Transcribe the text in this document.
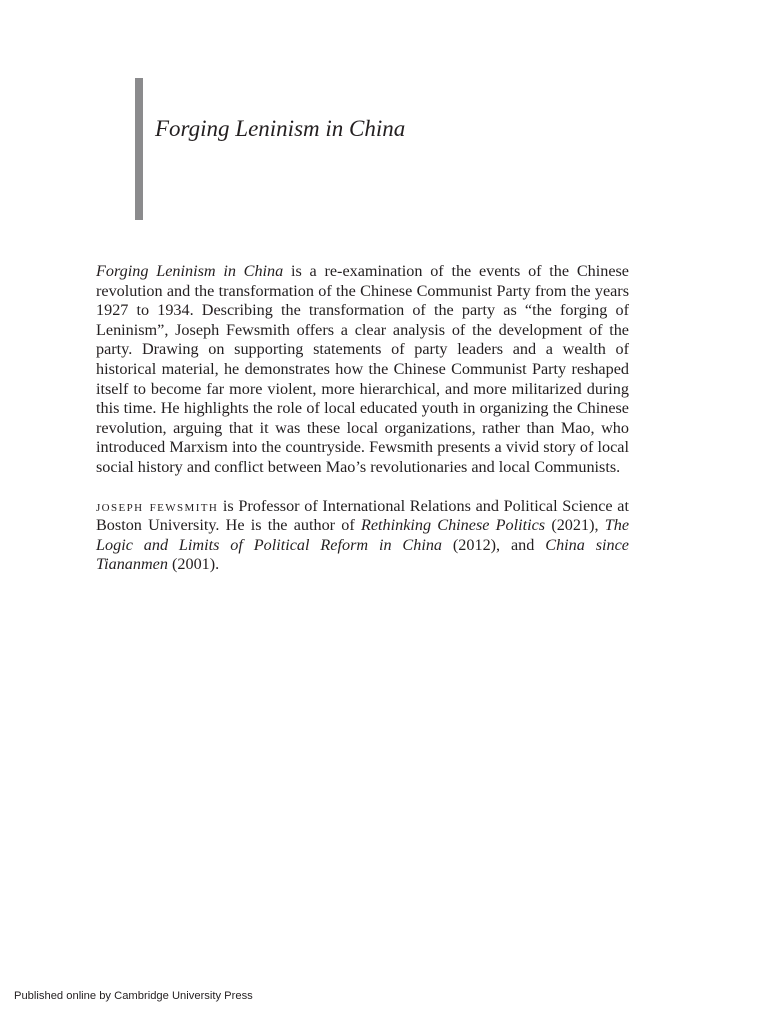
Forging Leninism in China

Forging Leninism in China is a re-examination of the events of the Chinese revolution and the transformation of the Chinese Communist Party from the years 1927 to 1934. Describing the transformation of the party as “the forging of Leninism”, Joseph Fewsmith offers a clear analysis of the development of the party. Drawing on supporting statements of party leaders and a wealth of historical material, he demonstrates how the Chinese Communist Party reshaped itself to become far more violent, more hierarchical, and more militarized during this time. He highlights the role of local educated youth in organizing the Chinese revolution, arguing that it was these local organizations, rather than Mao, who introduced Marxism into the countryside. Fewsmith presents a vivid story of local social history and conflict between Mao’s revolutionaries and local Communists.

joseph fewsmith is Professor of International Relations and Political Science at Boston University. He is the author of Rethinking Chinese Politics (2021), The Logic and Limits of Political Reform in China (2012), and China since Tiananmen (2001).

Published online by Cambridge University Press
